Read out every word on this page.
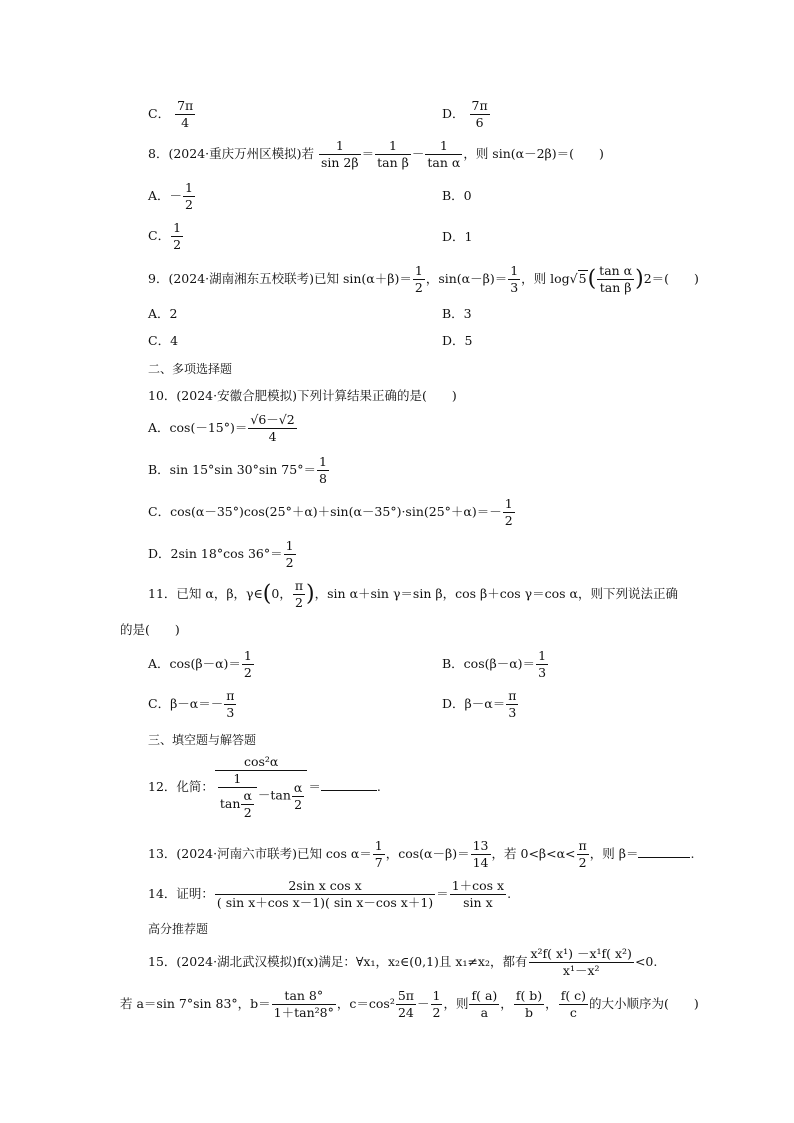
C． $\frac{7\pi}{4}$	D． $\frac{7\pi}{6}$
8．(2024·重庆万州区模拟)若 $\frac{1}{\sin 2\beta} = \frac{1}{\text{tan β}} - \frac{1}{\text{tan α}}$ ，则 sin(α－2β)＝(　　)
A．－ $\frac{1}{2}$	B．0
C． $\frac{1}{2}$	D．1
9．(2024·湖南湘东五校联考)已知 $\sin(\alpha+\beta)= \frac{1}{2}$ ，$\sin(\alpha-\beta)= \frac{1}{3}$ ，则 $\log√5( \frac{\text{tan α}}{\text{tan β}} )2=$(　　)
A．2	B．3
C．4	D．5
二、多项选择题
10．(2024·安徽合肥模拟)下列计算结果正确的是(　　)
A．$\cos(-15^\circ)= \frac{√6-√2}{4}$
B．sin 15°sin 30°sin $75^\circ= \frac{1}{8}$
C．$\cos(\alpha-35^\circ)\cos(25^\circ+\alpha)+\sin(\alpha-35^\circ)\cdot\sin(25^\circ+\alpha)=- \frac{1}{2}$
D．2sin 18°cos $36^\circ= \frac{1}{2}$
11．已知 α，β，γ∈(0， $\frac{\pi}{2}$ )，sin α＋sin γ＝sin β，cos β＋cos γ＝cos α，则下列说法正确
的是(　　)
A．$\cos(\beta-\alpha)= \frac{1}{2}$	B．$\cos(\beta-\alpha)= \frac{1}{3}$
C．$\beta-\alpha=- \frac{\pi}{3}$	D．$\beta-\alpha= \frac{\pi}{3}$
三、填空题与解答题
12．化简： $\frac{\text{cos²α}}{\frac{1}{\tan \frac{\alpha}{2}} -\tan \frac{\alpha}{2}}$ ＝	.
13．(2024·河南六市联考)已知 $\cos \alpha= \frac{1}{7}$ ，$\cos(\alpha-\beta)= \frac{13}{14}$ ，若 $0<\beta<\alpha< \frac{\pi}{2}$ ，则 β＝	.
14．证明： $\frac{\text{2sin x cos x}}{\text{( sin x＋cos x－1)( sin x－cos x＋1)}} = \frac{\text{1＋cos x}}{\text{sin x}}$ .
高分推荐题
15．(2024·湖北武汉模拟)f(x)满足：∀x₁，x₂∈(0,1)且 x₁≠x₂，都有 $\frac{\text{x²f( x¹) －x¹f( x²)}}{\text{x¹－x²}} <0$.
若 a＝sin 7°sin 83°，$b= \frac{\tan 8^\circ}{\text{1＋tan²8°}}$ ，$c=\cos^2 \frac{5\pi}{24} - \frac{1}{2}$ ，则 $\frac{f( a)}{a}$ ， $\frac{f( b)}{b}$ ， $\frac{f( c)}{c}$ 的大小顺序为(　　)
